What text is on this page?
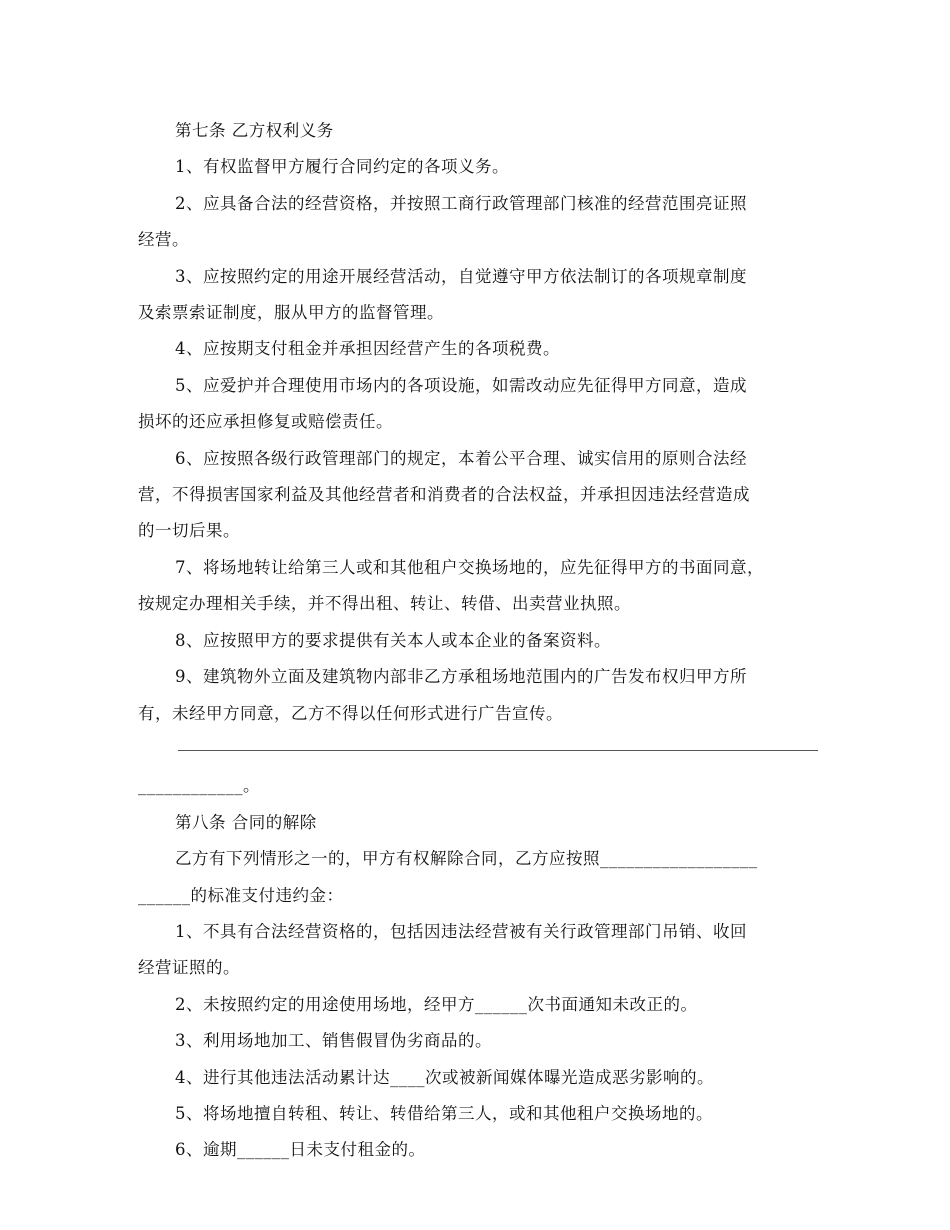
第七条 乙方权利义务

1、有权监督甲方履行合同约定的各项义务。

2、应具备合法的经营资格，并按照工商行政管理部门核准的经营范围亮证照

经营。

3、应按照约定的用途开展经营活动，自觉遵守甲方依法制订的各项规章制度

及索票索证制度，服从甲方的监督管理。

4、应按期支付租金并承担因经营产生的各项税费。

5、应爱护并合理使用市场内的各项设施，如需改动应先征得甲方同意，造成

损坏的还应承担修复或赔偿责任。

6、应按照各级行政管理部门的规定，本着公平合理、诚实信用的原则合法经

营，不得损害国家利益及其他经营者和消费者的合法权益，并承担因违法经营造成

的一切后果。

7、将场地转让给第三人或和其他租户交换场地的，应先征得甲方的书面同意，

按规定办理相关手续，并不得出租、转让、转借、出卖营业执照。

8、应按照甲方的要求提供有关本人或本企业的备案资料。

9、建筑物外立面及建筑物内部非乙方承租场地范围内的广告发布权归甲方所

有，未经甲方同意，乙方不得以任何形式进行广告宣传。

____________。

第八条 合同的解除

乙方有下列情形之一的，甲方有权解除合同，乙方应按照__________________

______的标准支付违约金：

1、不具有合法经营资格的，包括因违法经营被有关行政管理部门吊销、收回

经营证照的。

2、未按照约定的用途使用场地，经甲方______次书面通知未改正的。

3、利用场地加工、销售假冒伪劣商品的。

4、进行其他违法活动累计达____次或被新闻媒体曝光造成恶劣影响的。

5、将场地擅自转租、转让、转借给第三人，或和其他租户交换场地的。

6、逾期______日未支付租金的。
